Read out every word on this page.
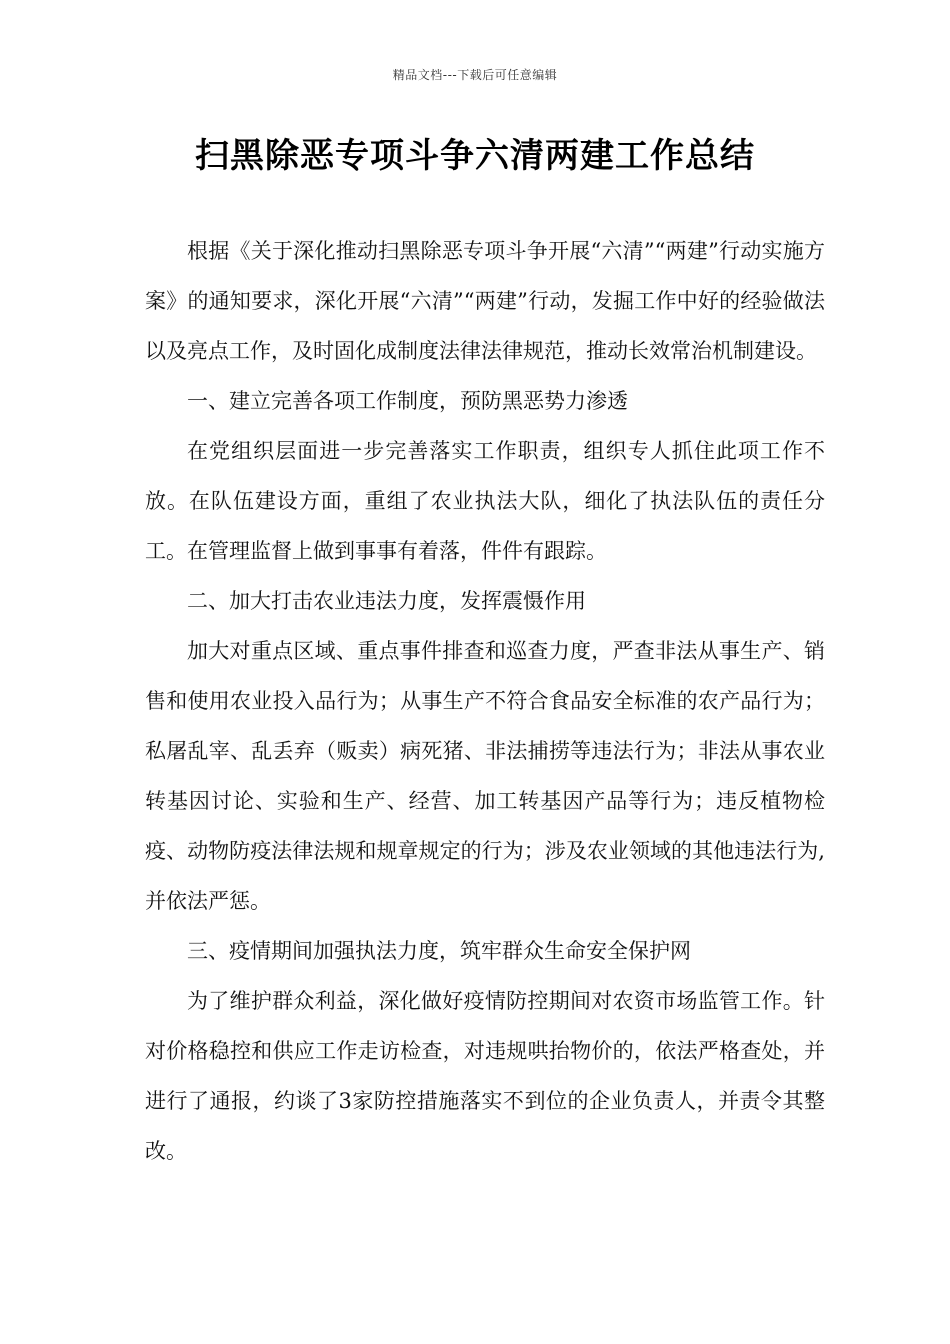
精品文档---下载后可任意编辑
扫黑除恶专项斗争六清两建工作总结

根据《关于深化推动扫黑除恶专项斗争开展“六清”“两建”行动实施方案》的通知要求，深化开展“六清”“两建”行动，发掘工作中好的经验做法以及亮点工作，及时固化成制度法律法律规范，推动长效常治机制建设。

一、建立完善各项工作制度，预防黑恶势力渗透

在党组织层面进一步完善落实工作职责，组织专人抓住此项工作不放。在队伍建设方面，重组了农业执法大队，细化了执法队伍的责任分工。在管理监督上做到事事有着落，件件有跟踪。

二、加大打击农业违法力度，发挥震慑作用

加大对重点区域、重点事件排查和巡查力度，严查非法从事生产、销售和使用农业投入品行为；从事生产不符合食品安全标准的农产品行为；私屠乱宰、乱丢弃（贩卖）病死猪、非法捕捞等违法行为；非法从事农业转基因讨论、实验和生产、经营、加工转基因产品等行为；违反植物检疫、动物防疫法律法规和规章规定的行为；涉及农业领域的其他违法行为,并依法严惩。

三、疫情期间加强执法力度，筑牢群众生命安全保护网

为了维护群众利益，深化做好疫情防控期间对农资市场监管工作。针对价格稳控和供应工作走访检查，对违规哄抬物价的，依法严格查处，并进行了通报，约谈了3家防控措施落实不到位的企业负责人，并责令其整改。
